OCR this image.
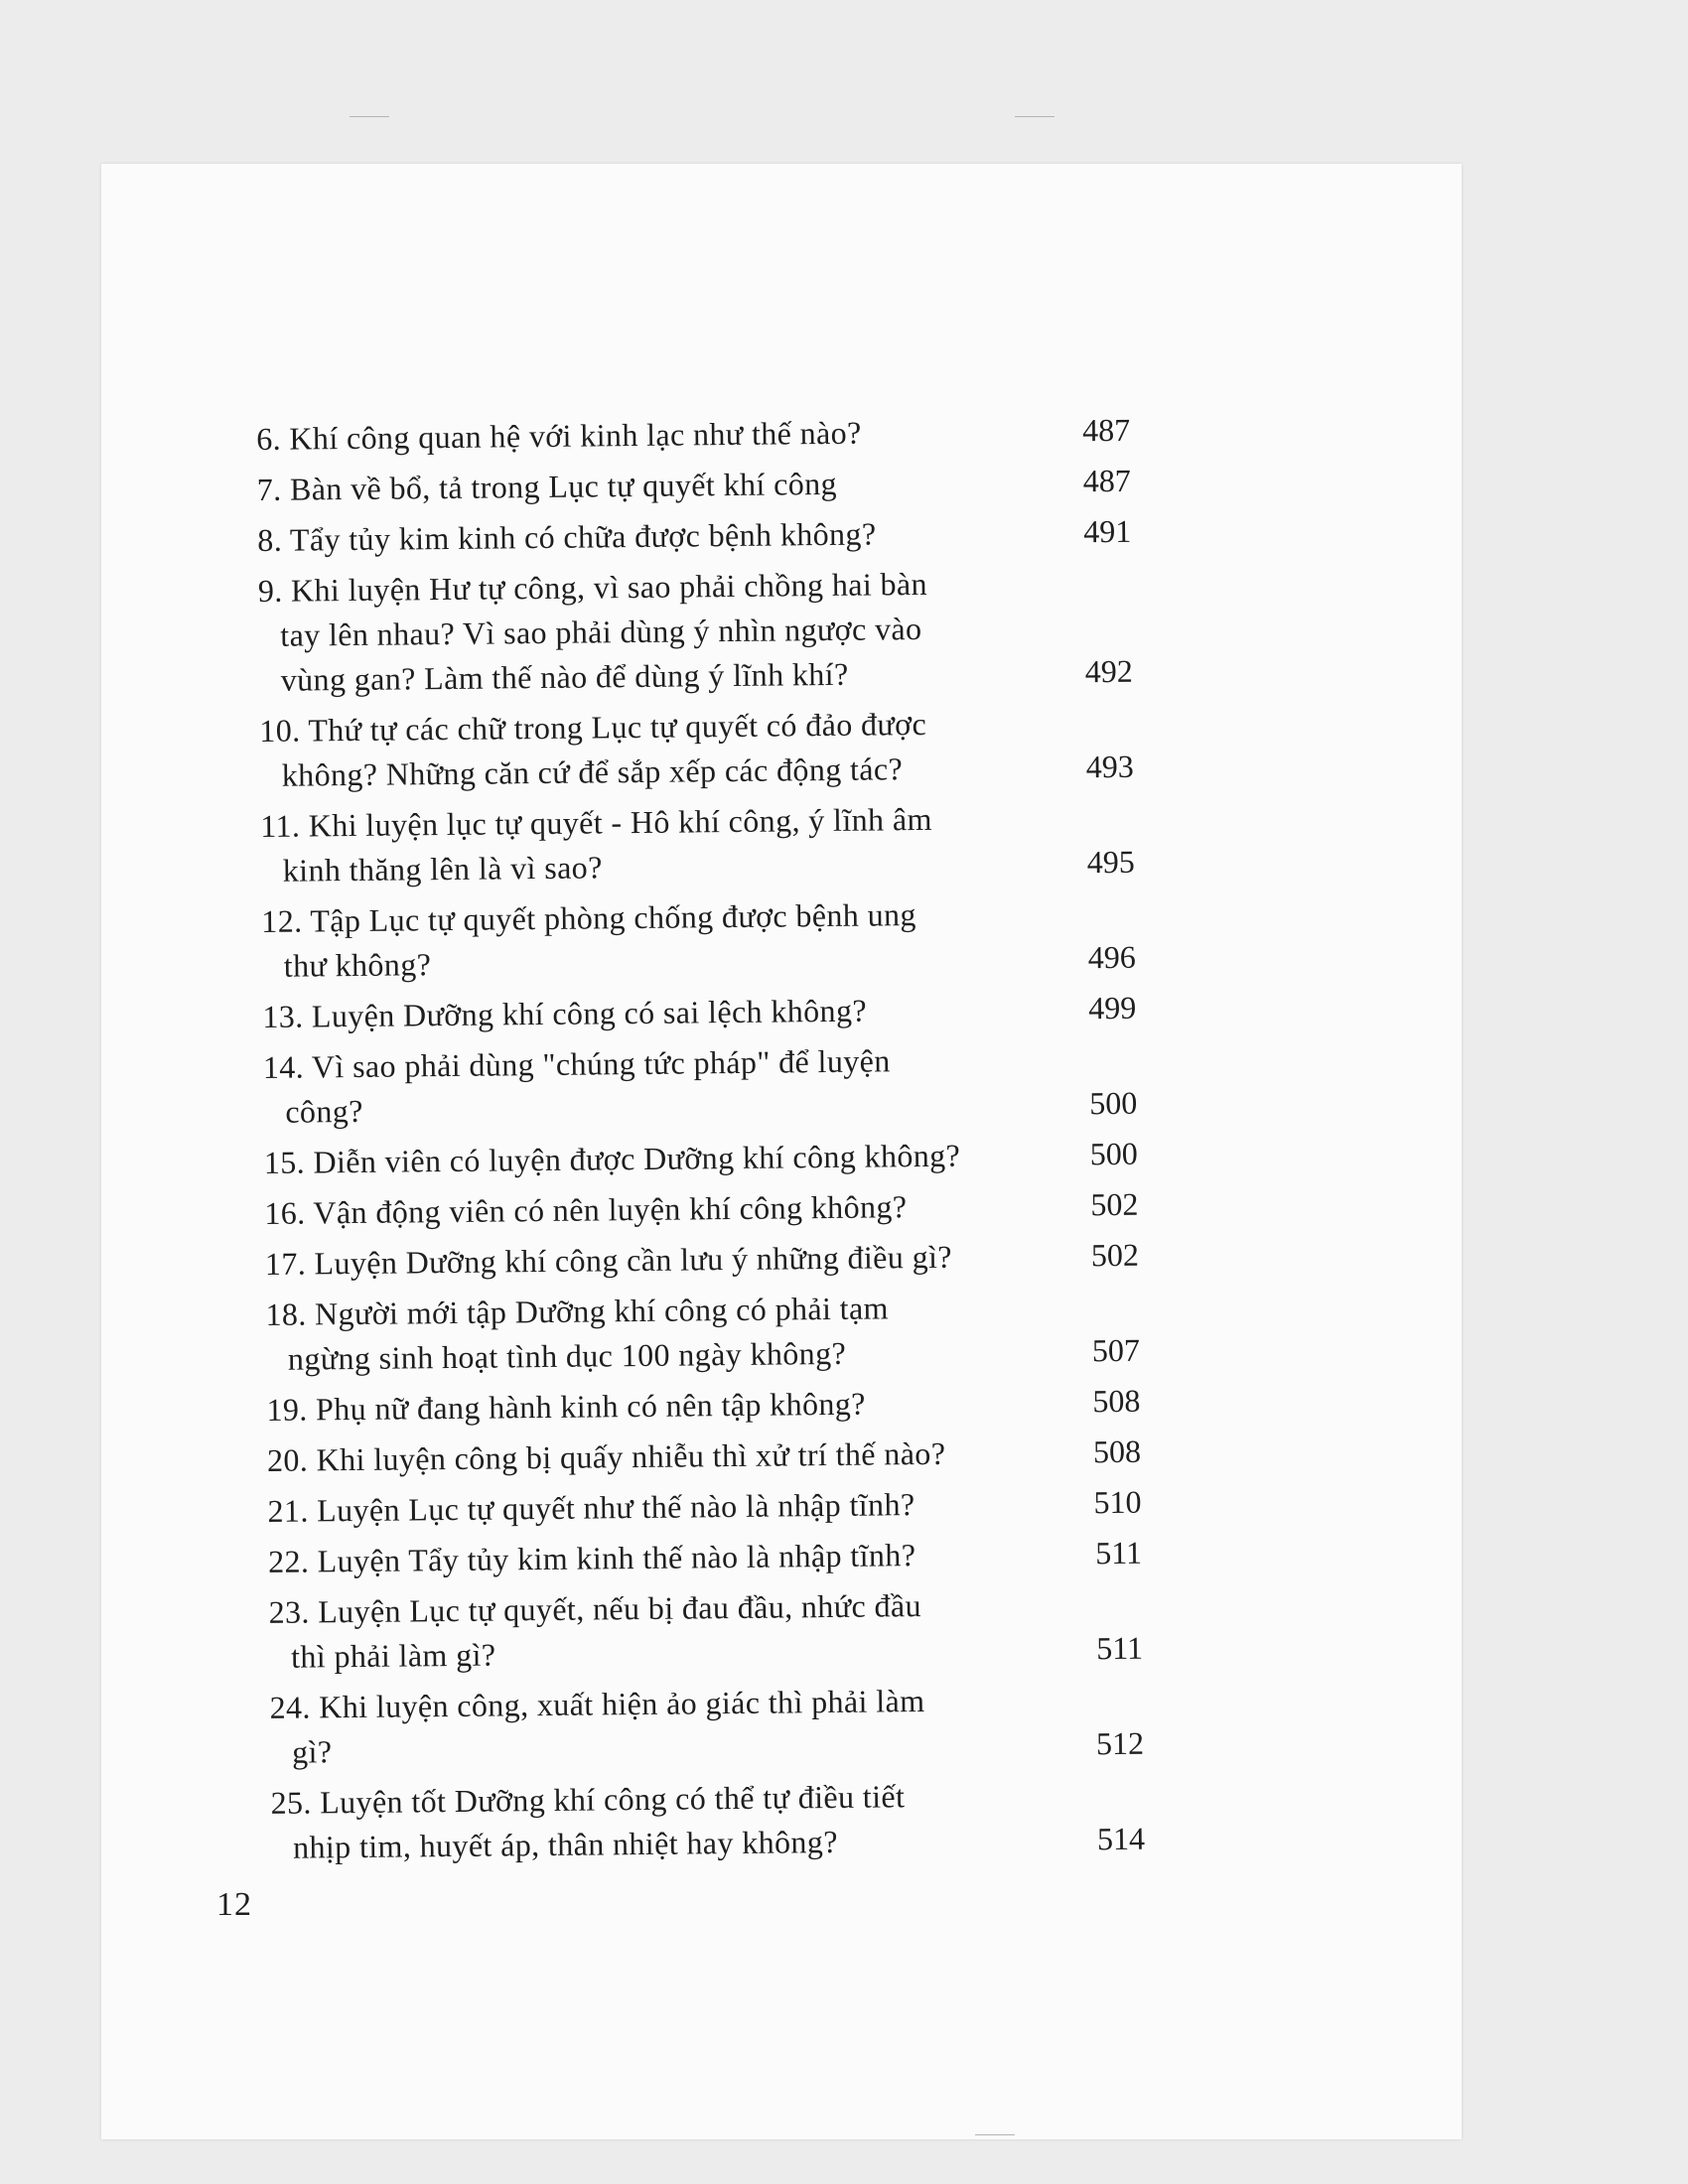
6. Khí công quan hệ với kinh lạc như thế nào?	487
7. Bàn về bổ, tả trong Lục tự quyết khí công	487
8. Tẩy tủy kim kinh có chữa được bệnh không?	491
9. Khi luyện Hư tự công, vì sao phải chồng hai bàn
tay lên nhau? Vì sao phải dùng ý nhìn ngược vào
vùng gan? Làm thế nào để dùng ý lĩnh khí?	492
10. Thứ tự các chữ trong Lục tự quyết có đảo được
không? Những căn cứ để sắp xếp các động tác?	493
11. Khi luyện lục tự quyết - Hô khí công, ý lĩnh âm
kinh thăng lên là vì sao?	495
12. Tập Lục tự quyết phòng chống được bệnh ung
thư không?	496
13. Luyện Dưỡng khí công có sai lệch không?	499
14. Vì sao phải dùng "chúng tức pháp" để luyện
công?	500
15. Diễn viên có luyện được Dưỡng khí công không?	500
16. Vận động viên có nên luyện khí công không?	502
17. Luyện Dưỡng khí công cần lưu ý những điều gì?	502
18. Người mới tập Dưỡng khí công có phải tạm
ngừng sinh hoạt tình dục 100 ngày không?	507
19. Phụ nữ đang hành kinh có nên tập không?	508
20. Khi luyện công bị quấy nhiễu thì xử trí thế nào?	508
21. Luyện Lục tự quyết như thế nào là nhập tĩnh?	510
22. Luyện Tẩy tủy kim kinh thế nào là nhập tĩnh?	511
23. Luyện Lục tự quyết, nếu bị đau đầu, nhức đầu
thì phải làm gì?	511
24. Khi luyện công, xuất hiện ảo giác thì phải làm
gì?	512
25. Luyện tốt Dưỡng khí công có thể tự điều tiết
nhịp tim, huyết áp, thân nhiệt hay không?	514
12
